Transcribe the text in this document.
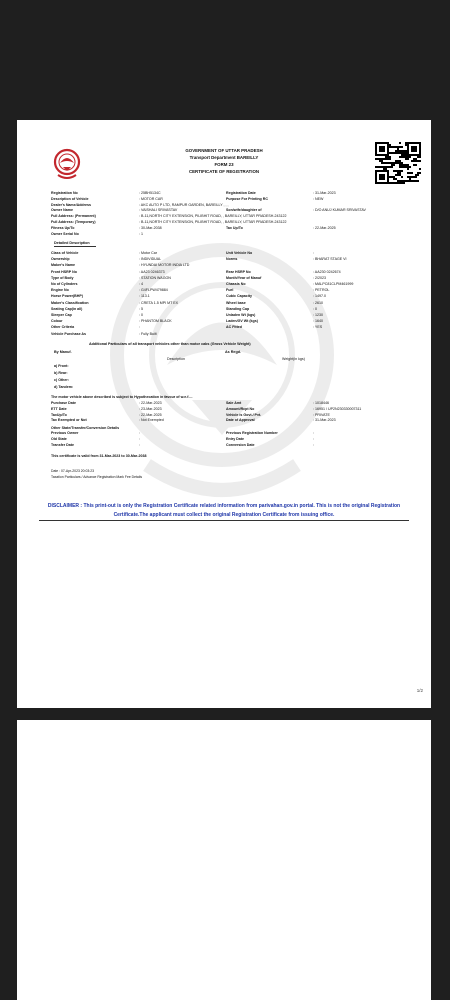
GOVERNMENT OF UTTAR PRADESH
Transport Department BAREILLY
FORM 23
CERTIFICATE OF REGISTRATION
Registration No	: 25BH5134C	Registration Date	: 31-Mar-2023
Description of Vehicle	: MOTOR CAR	Purpose For Printing RC	: NEW
Dealer's Name/Address	: AKC AUTO P LTD, RAMPUR GARDEN, BAREILLY , , ,
Owner Name	: VAISHALI SRIVASTAV	Son/wife/daughter of	: D/O ANUJ KUMAR SRIVASTAV
Full Address: (Permanent)	: B-11,NORTH CITY EXTENSION, PILIBHIT ROAD, , BAREILLY, UTTAR PRADESH-243122
Full Address: (Temporary)	: B-11,NORTH CITY EXTENSION, PILIBHIT ROAD, , BAREILLY, UTTAR PRADESH-243122
Fitness Up/To	: 30-Mar-2038	Tax Up/To	: 22-Mar-2025
Owner Serial No	: 1
Detailed Description
Class of Vehicle	: Motor Car	Unit Vehicle No	:
Ownership	: INDIVIDUAL	Norms	: BHARAT STAGE VI
Maker's Name	: HYUNDAI MOTOR INDIA LTD
Front HSRP No	: AA23 0246373	Rear HSRP No	: AA230 0242674
Type of Body	: STATION WAGON	Month/Year of Manuf	: 2/2023
No of Cylinders	: 4	Chassis No	: MALPC81CLPM461999
Engine No	: G4FLPW479884	Fuel	: PETROL
Horse Power(BHP)	: 113.1	Cubic Capacity	: 1497.0
Maker's Classification	: CRETA 1.5 MPI MT EX	Wheel base	: 2610
Seating Cap(in all)	: 5	Standing Cap	: 0
Sleeper Cap	: 0	Unladen Wt (kgs)	: 1230
Colour	: PHANTOM BLACK	Laden/GV Wt (kgs)	: 1640
Other Criteria	:	AC Fitted	: YES
Vehicle Purchase As	: Fully Built
Additional Particulars of all transport vehicles other than motor cabs (Gross Vehicle Weight)
By Manuf.	As Regd.
Description	Weight(in kgs)
a) Front:
b) Rear:
c) Other:
d) Tandem:
The motor vehicle above described is subject to Hypothecation in favour of w.e.f....
Purchase Date	: 22-Mar-2023	Sale Amt	: 1018446
ETT Date	: 23-Mar-2023	Amount/Rcpt No	: 16951 / UP2N230330007311
TaxUp/To	: 22-Mar-2025	Vehicle is Govt./ Pvt.	: PRIVATE
Tax Exempted or Not	: Not Exempted	Date of Approval	: 31-Mar-2023
Other State/Transfer/Conversion Details
Previous Owner	:	Previous Registration Number	:
Old State	:	Entry Date	:
Transfer Date	:	Conversion Date	:
This certificate is valid from 31-Mar-2023 to 30-Mar-2038
Date : 07-Apr-2023 20:03:23
Taxation Particulars / Advance Registration Mark Fee Details
DISCLAIMER : This print-out is only the Registration Certificate related information from parivahan.gov.in portal. This is not the original Registration Certificate.The applicant must collect the original Registration Certificate from issuing office.
1/2
